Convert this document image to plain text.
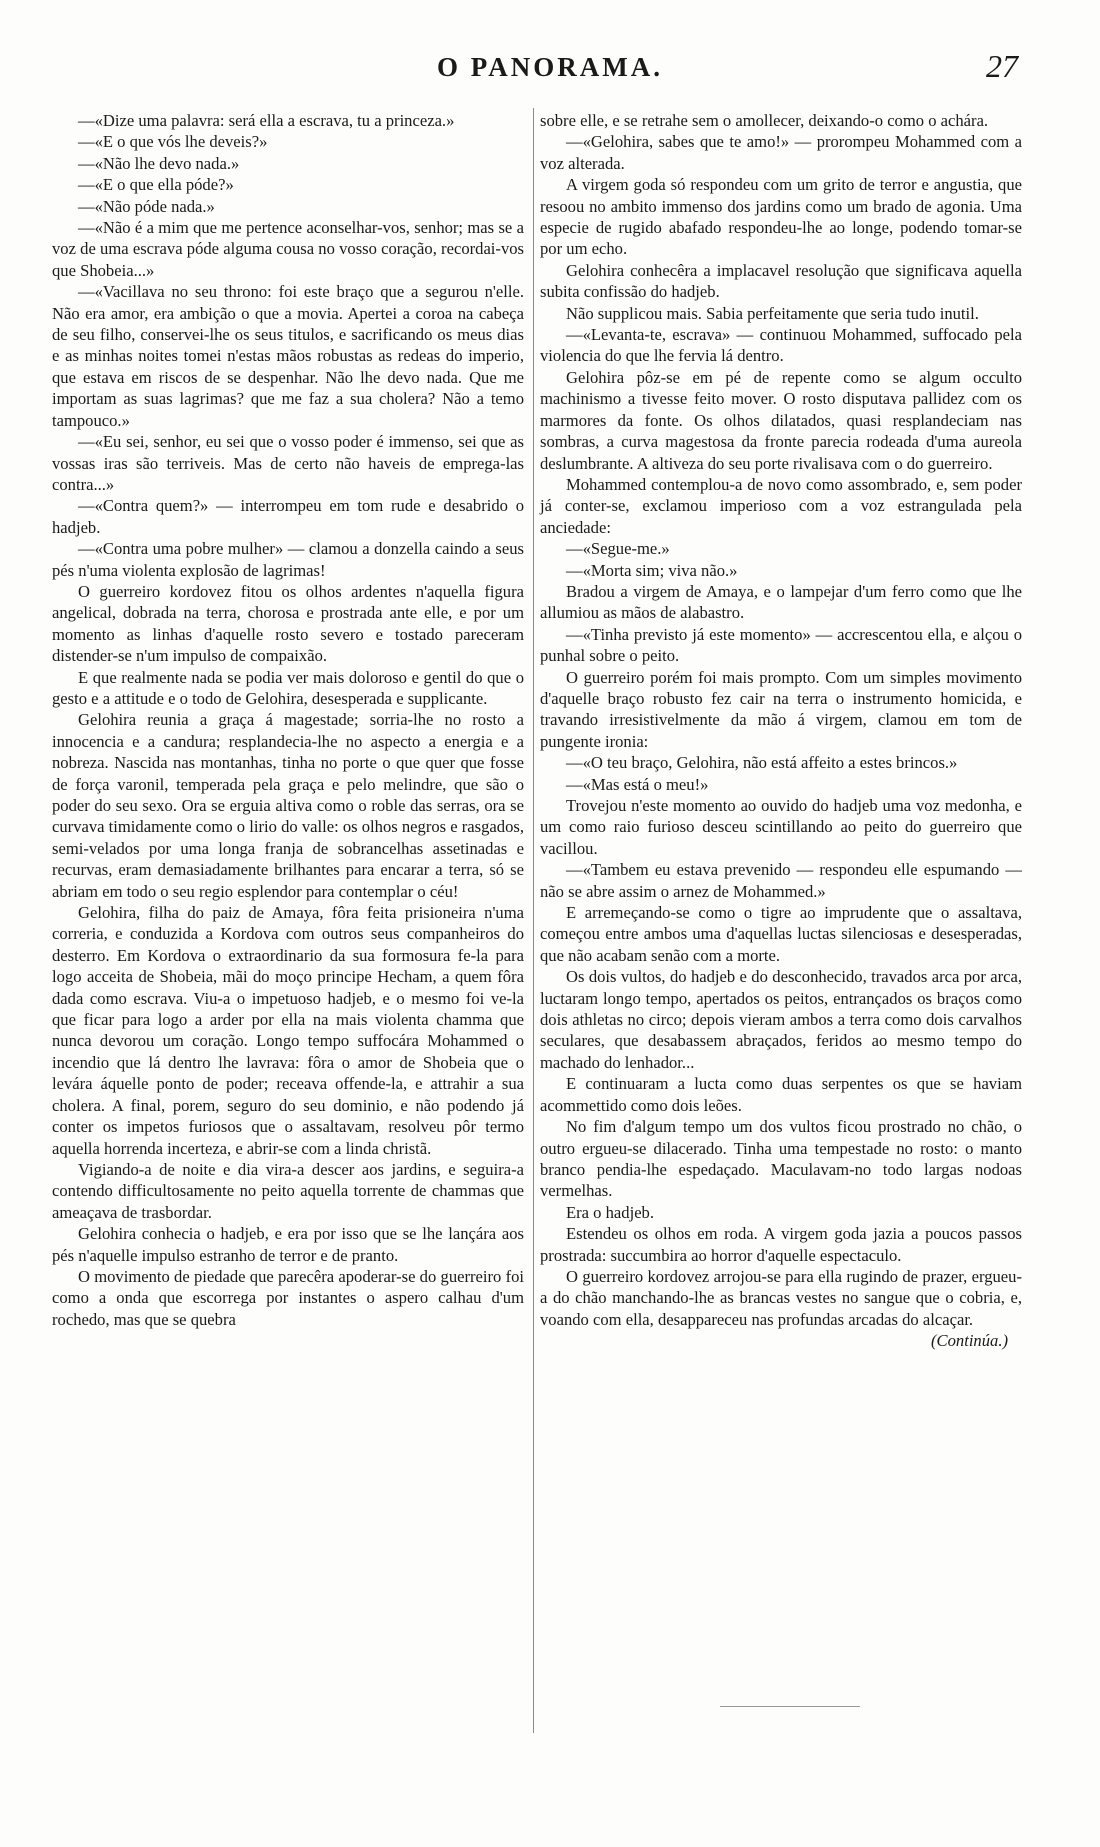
O PANORAMA.	27

—«Dize uma palavra: será ella a escrava, tu a princeza.»

—«E o que vós lhe deveis?»

—«Não lhe devo nada.»

—«E o que ella póde?»

—«Não póde nada.»

—«Não é a mim que me pertence aconselhar-vos, senhor; mas se a voz de uma escrava póde alguma cousa no vosso coração, recordai-vos que Shobeia...»

—«Vacillava no seu throno: foi este braço que a segurou n'elle. Não era amor, era ambição o que a movia. Apertei a coroa na cabeça de seu filho, conservei-lhe os seus titulos, e sacrificando os meus dias e as minhas noites tomei n'estas mãos robustas as redeas do imperio, que estava em riscos de se despenhar. Não lhe devo nada. Que me importam as suas lagrimas? que me faz a sua cholera? Não a temo tampouco.»

—«Eu sei, senhor, eu sei que o vosso poder é immenso, sei que as vossas iras são terriveis. Mas de certo não haveis de emprega-las contra...»

—«Contra quem?» — interrompeu em tom rude e desabrido o hadjeb.

—«Contra uma pobre mulher» — clamou a donzella caindo a seus pés n'uma violenta explosão de lagrimas!

O guerreiro kordovez fitou os olhos ardentes n'aquella figura angelical, dobrada na terra, chorosa e prostrada ante elle, e por um momento as linhas d'aquelle rosto severo e tostado pareceram distender-se n'um impulso de compaixão.

E que realmente nada se podia ver mais doloroso e gentil do que o gesto e a attitude e o todo de Gelohira, desesperada e supplicante.

Gelohira reunia a graça á magestade; sorria-lhe no rosto a innocencia e a candura; resplandecia-lhe no aspecto a energia e a nobreza. Nascida nas montanhas, tinha no porte o que quer que fosse de força varonil, temperada pela graça e pelo melindre, que são o poder do seu sexo. Ora se erguia altiva como o roble das serras, ora se curvava timidamente como o lirio do valle: os olhos negros e rasgados, semi-velados por uma longa franja de sobrancelhas assetinadas e recurvas, eram demasiadamente brilhantes para encarar a terra, só se abriam em todo o seu regio esplendor para contemplar o céu!

Gelohira, filha do paiz de Amaya, fôra feita prisioneira n'uma correria, e conduzida a Kordova com outros seus companheiros do desterro. Em Kordova o extraordinario da sua formosura fe-la para logo acceita de Shobeia, mãi do moço principe Hecham, a quem fôra dada como escrava. Viu-a o impetuoso hadjeb, e o mesmo foi ve-la que ficar para logo a arder por ella na mais violenta chamma que nunca devorou um coração. Longo tempo suffocára Mohammed o incendio que lá dentro lhe lavrava: fôra o amor de Shobeia que o levára áquelle ponto de poder; receava offende-la, e attrahir a sua cholera. A final, porem, seguro do seu dominio, e não podendo já conter os impetos furiosos que o assaltavam, resolveu pôr termo aquella horrenda incerteza, e abrir-se com a linda christã.

Vigiando-a de noite e dia vira-a descer aos jardins, e seguira-a contendo difficultosamente no peito aquella torrente de chammas que ameaçava de trasbordar.

Gelohira conhecia o hadjeb, e era por isso que se lhe lançára aos pés n'aquelle impulso estranho de terror e de pranto.

O movimento de piedade que parecêra apoderar-se do guerreiro foi como a onda que escorrega por instantes o aspero calhau d'um rochedo, mas que se quebra

sobre elle, e se retrahe sem o amollecer, deixando-o como o achára.

—«Gelohira, sabes que te amo!» — prorompeu Mohammed com a voz alterada.

A virgem goda só respondeu com um grito de terror e angustia, que resoou no ambito immenso dos jardins como um brado de agonia. Uma especie de rugido abafado respondeu-lhe ao longe, podendo tomar-se por um echo.

Gelohira conhecêra a implacavel resolução que significava aquella subita confissão do hadjeb.

Não supplicou mais. Sabia perfeitamente que seria tudo inutil.

—«Levanta-te, escrava» — continuou Mohammed, suffocado pela violencia do que lhe fervia lá dentro.

Gelohira pôz-se em pé de repente como se algum occulto machinismo a tivesse feito mover. O rosto disputava pallidez com os marmores da fonte. Os olhos dilatados, quasi resplandeciam nas sombras, a curva magestosa da fronte parecia rodeada d'uma aureola deslumbrante. A altiveza do seu porte rivalisava com o do guerreiro.

Mohammed contemplou-a de novo como assombrado, e, sem poder já conter-se, exclamou imperioso com a voz estrangulada pela anciedade:

—«Segue-me.»

—«Morta sim; viva não.»

Bradou a virgem de Amaya, e o lampejar d'um ferro como que lhe allumiou as mãos de alabastro.

—«Tinha previsto já este momento» — accrescentou ella, e alçou o punhal sobre o peito.

O guerreiro porém foi mais prompto. Com um simples movimento d'aquelle braço robusto fez cair na terra o instrumento homicida, e travando irresistivelmente da mão á virgem, clamou em tom de pungente ironia:

—«O teu braço, Gelohira, não está affeito a estes brincos.»

—«Mas está o meu!»

Trovejou n'este momento ao ouvido do hadjeb uma voz medonha, e um como raio furioso desceu scintillando ao peito do guerreiro que vacillou.

—«Tambem eu estava prevenido — respondeu elle espumando — não se abre assim o arnez de Mohammed.»

E arremeçando-se como o tigre ao imprudente que o assaltava, começou entre ambos uma d'aquellas luctas silenciosas e desesperadas, que não acabam senão com a morte.

Os dois vultos, do hadjeb e do desconhecido, travados arca por arca, luctaram longo tempo, apertados os peitos, entrançados os braços como dois athletas no circo; depois vieram ambos a terra como dois carvalhos seculares, que desabassem abraçados, feridos ao mesmo tempo do machado do lenhador...

E continuaram a lucta como duas serpentes os que se haviam acommettido como dois leões.

No fim d'algum tempo um dos vultos ficou prostrado no chão, o outro ergueu-se dilacerado. Tinha uma tempestade no rosto: o manto branco pendia-lhe espedaçado. Maculavam-no todo largas nodoas vermelhas.

Era o hadjeb.

Estendeu os olhos em roda. A virgem goda jazia a poucos passos prostrada: succumbira ao horror d'aquelle espectaculo.

O guerreiro kordovez arrojou-se para ella rugindo de prazer, ergueu-a do chão manchando-lhe as brancas vestes no sangue que o cobria, e, voando com ella, desappareceu nas profundas arcadas do alcaçar.

(Continúa.)
